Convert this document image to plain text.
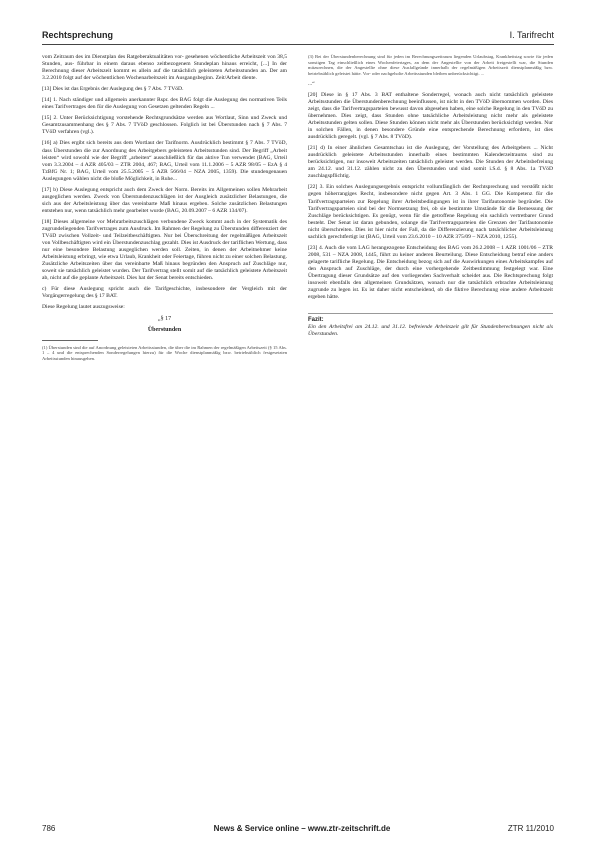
Rechtsprechung	I. Tarifrecht

vom Zeitraum des im Dienstplan des Ratgeberaktualitäten vor- gesehenen wöchentliche Arbeitszeit von 38,5 Stunden, aus- führbar in einem daraus ebenso zeitbezogenem Stundeplan hinaus erreicht, [...] In der Berechnung dieser Arbeitszeit kommt es allein auf die tatsächlich geleisteten Arbeitsstunden an. Der am 3.2.2010 folgt auf der wöchentlichen Wochenarbeitszeit im Ausgangsbeginn. Zeit/Arbeit diente.

[13] Dies ist das Ergebnis der Auslegung des § 7 Abs. 7 TVöD.

[14] 1. Nach ständiger und allgemein anerkannter Rspr. des BAG folgt die Auslegung des normativen Teils eines Tarifvertrages den für die Auslegung von Gesetzen geltenden Regeln ...

[15] 2. Unter Berücksichtigung vorstehende Rechtsgrundsätze werden aus Wortlaut, Sinn und Zweck und Gesamtzusammenhang des § 7 Abs. 7 TVöD geschlossen. Folglich ist bei Überstunden nach § 7 Abs. 7 TVöD verfahren (vgl.).

[16] a) Dies ergibt sich bereits aus dem Wortlaut der Tarifnorm. Ausdrücklich bestimmt § 7 Abs. 7 TVöD, dass Überstunden die zur Anordnung des Arbeitgebers geleisteten Arbeitsstunden sind. Der Begriff „Arbeit leisten“ wird sowohl wie der Begriff „arbeiten“ ausschließlich für das aktive Tun verwendet (BAG, Urteil vom 3.3.2004 – 4 AZR 405/03 – ZTR 2004, 467; BAG, Urteil vom 11.1.2006 – 5 AZR 98/05 – EzA § 4 TzBfG Nr. 1; BAG, Urteil vom 25.5.2005 – 5 AZR 566/04 – NZA 2005, 1359). Die stundengenauen Auslegungen wählen nicht die bloße Möglichkeit, in Ruhe...

[17] b) Diese Auslegung entspricht auch dem Zweck der Norm. Bereits im Allgemeinen sollen Mehrarbeit ausgeglichen werden. Zweck von Überstundenzuschlägen ist der Ausgleich zusätzlicher Belastungen, die sich aus der Arbeitsleistung über das vereinbarte Maß hinaus ergeben. Solche zusätzlichen Belastungen entstehen nur, wenn tatsächlich mehr gearbeitet wurde (BAG, 20.09.2007 – 6 AZR 134/07).

[18] Dieses allgemeine vor Mehrarbeitszuschlägen verbundene Zweck kommt auch in der Systematik des zugrundeliegenden Tarifvertrages zum Ausdruck. Im Rahmen der Regelung zu Überstunden differenziert der TVöD zwischen Vollzeit- und Teilzeitbeschäftigten. Nur bei Überschreitung der regelmäßigen Arbeitszeit von Vollbeschäftigten wird ein Überstundenzuschlag gezahlt. Dies ist Ausdruck der tariflichen Wertung, dass nur eine besondere Belastung ausgeglichen werden soll. Zeiten, in denen der Arbeitnehmer keine Arbeitsleistung erbringt, wie etwa Urlaub, Krankheit oder Feiertage, führen nicht zu einer solchen Belastung. Zusätzliche Arbeitszeiten über das vereinbarte Maß hinaus begründen den Anspruch auf Zuschläge nur, soweit sie tatsächlich geleistet wurden. Der Tarifvertrag stellt somit auf die tatsächlich geleistete Arbeitszeit ab, nicht auf die geplante Arbeitszeit. Dies hat der Senat bereits entschieden.

c) Für diese Auslegung spricht auch die Tarifgeschichte, insbesondere der Vergleich mit der Vorgängerregelung des § 17 BAT.

Diese Regelung lautet auszugsweise:

„§ 17
Überstunden
(1) Überstunden sind die auf Anordnung geleisteten Arbeitsstunden, die über die im Rahmen der regelmäßigen Arbeitszeit (§ 15 Abs. 1 – 4 und die entsprechenden Sonderregelungen hierzu) für die Woche dienstplanmäßig bzw. betriebsüblich festgesetzten Arbeitsstunden hinausgehen.

(3) Bei der Überstundenberechnung sind für jeden im Berechnungszeitraum liegenden Urlaubstag, Krankheitstag sowie für jeden sonstigen Tag einschließlich eines Wochenfeiertages, an dem der Angestellte von der Arbeit freigestellt war, die Stunden mitzurechnen, die der Angestellte ohne diese Ausfallgründe innerhalb der regelmäßigen Arbeitszeit dienstplanmäßig bzw. betriebsüblich geleistet hätte. Vor- oder nachgeholte Arbeitsstunden bleiben unberücksichtigt. ...

...“

[20] Diese in § 17 Abs. 3 BAT enthaltene Sonderregel, wonach auch nicht tatsächlich geleistete Arbeitsstunden die Überstundenberechnung beeinflussen, ist nicht in den TVöD übernommen worden. Dies zeigt, dass die Tarifvertragsparteien bewusst davon abgesehen haben, eine solche Regelung in den TVöD zu übernehmen. Dies zeigt, dass Stunden ohne tatsächliche Arbeitsleistung nicht mehr als geleistete Arbeitsstunden gelten sollen. Diese Stunden können nicht mehr als Überstunden berücksichtigt werden. Nur in solchen Fällen, in denen besondere Gründe eine entsprechende Berechnung erfordern, ist dies ausdrücklich geregelt. (vgl. § 7 Abs. 8 TVöD).

[21] d) In einer ähnlichen Gesamtschau ist die Auslegung, der Vorstellung des Arbeitgebers ... Nicht ausdrücklich geleistete Arbeitsstunden innerhalb eines bestimmten Kalenderzeitraums sind zu berücksichtigen, nur insoweit Arbeitszeiten tatsächlich geleistet werden. Die Stunden der Arbeitsbefreiung am 24.12. und 31.12. zählen nicht zu den Überstunden und sind somit i.S.d. § 8 Abs. 1a TVöD zuschlagspflichtig.

[22] 3. Ein solches Auslegungsergebnis entspricht vollumfänglich der Rechtsprechung und verstößt nicht gegen höherrangiges Recht, insbesondere nicht gegen Art. 3 Abs. 1 GG. Die Kompetenz für die Tarifvertragsparteien zur Regelung ihrer Arbeitsbedingungen ist in ihrer Tarifautonomie begründet. Die Tarifvertragsparteien sind bei der Normsetzung frei, ob sie bestimmte Umstände für die Bemessung der Zuschläge berücksichtigen. Es genügt, wenn für die getroffene Regelung ein sachlich vertretbarer Grund besteht. Der Senat ist daran gebunden, solange die Tarifvertragsparteien die Grenzen der Tarifautonomie nicht überschreiten. Dies ist hier nicht der Fall, da die Differenzierung nach tatsächlicher Arbeitsleistung sachlich gerechtfertigt ist (BAG, Urteil vom 23.6.2010 – 10 AZR 375/09 – NZA 2010, 1255).

[23] 4. Auch die vom LAG herangezogene Entscheidung des BAG vom 26.2.2008 – 1 AZR 1001/06 – ZTR 2008, 531 – NZA 2008, 1445, führt zu keiner anderen Beurteilung. Diese Entscheidung betraf eine anders gelagerte tarifliche Regelung. Die Entscheidung bezog sich auf die Auswirkungen eines Arbeitskampfes auf den Anspruch auf Zuschläge, der durch eine vorhergehende Zeitbestimmung festgelegt war. Eine Übertragung dieser Grundsätze auf den vorliegenden Sachverhalt scheidet aus. Die Rechtsprechung folgt insoweit ebenfalls den allgemeinen Grundsätzen, wonach nur die tatsächlich erbrachte Arbeitsleistung zugrunde zu legen ist. Es ist daher nicht entscheidend, ob die fiktive Berechnung eine andere Arbeitszeit ergeben hätte.

Fazit:
Ein den Arbeitsfrei am 24.12. und 31.12. befreiende Arbeitszeit gilt für Stundenberechnungen nicht als Überstunden.
786	News & Service online – www.ztr-zeitschrift.de	ZTR 11/2010
